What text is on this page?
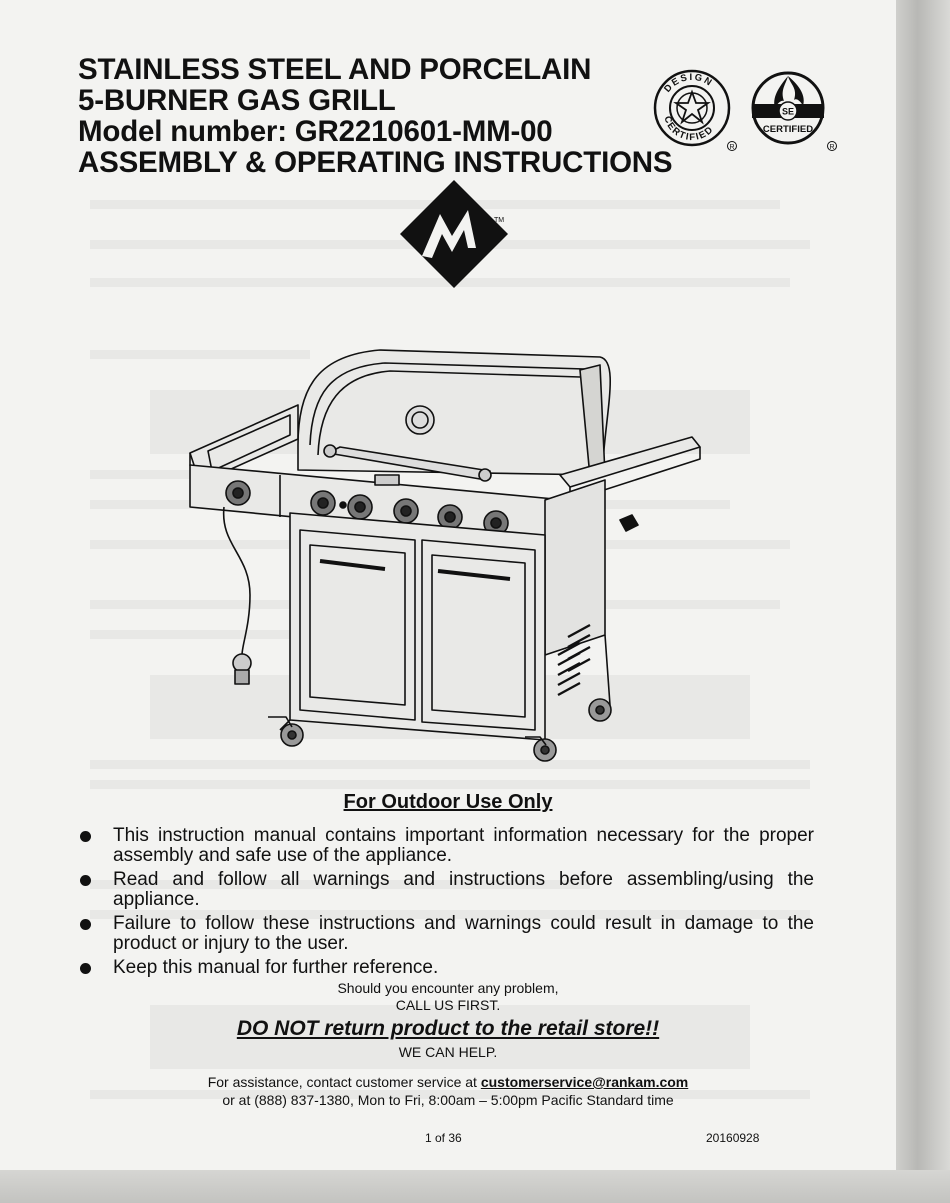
STAINLESS STEEL AND PORCELAIN
5-BURNER GAS GRILL
Model number: GR2210601-MM-00
ASSEMBLY & OPERATING INSTRUCTIONS
DESIGN
CERTIFIED
R
SE
CERTIFIED
R
TM
For Outdoor Use Only
This instruction manual contains important information necessary for the proper assembly and safe use of the appliance.
Read and follow all warnings and instructions before assembling/using the appliance.
Failure to follow these instructions and warnings could result in damage to the product or injury to the user.
Keep this manual for further reference.
Should you encounter any problem,
CALL US FIRST.
DO NOT return product to the retail store!!
WE CAN HELP.
For assistance, contact customer service at customerservice@rankam.com
or at (888) 837-1380, Mon to Fri, 8:00am – 5:00pm Pacific Standard time
1 of 36	20160928
